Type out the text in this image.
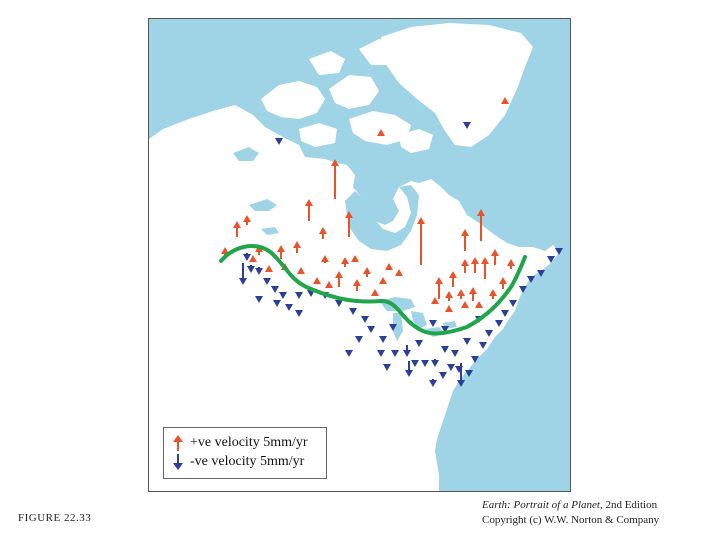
+ve velocity 5mm/yr
-ve velocity 5mm/yr
FIGURE 22.33
Earth: Portrait of a Planet, 2nd Edition
Copyright (c) W.W. Norton & Company
